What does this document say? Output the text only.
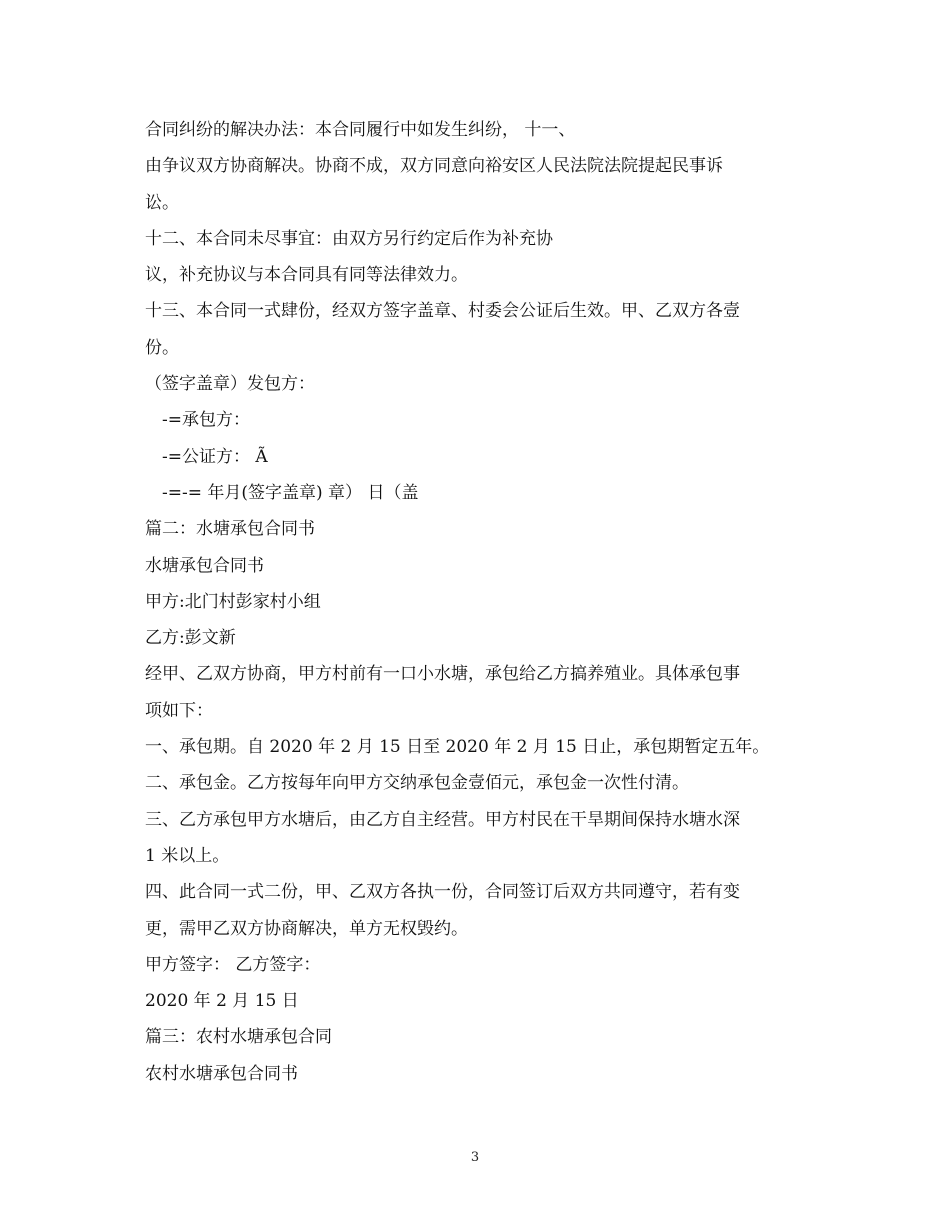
合同纠纷的解决办法：本合同履行中如发生纠纷， 十一、
由争议双方协商解决。协商不成，双方同意向裕安区人民法院法院提起民事诉
讼。
十二、本合同未尽事宜：由双方另行约定后作为补充协
议，补充协议与本合同具有同等法律效力。
十三、本合同一式肆份，经双方签字盖章、村委会公证后生效。甲、乙双方各壹
份。
（签字盖章）发包方：
-=承包方：
-=公证方： Ã
-=-= 年月(签字盖章) 章） 日（盖
篇二：水塘承包合同书
水塘承包合同书
甲方:北门村彭家村小组
乙方:彭文新
经甲、乙双方协商，甲方村前有一口小水塘，承包给乙方搞养殖业。具体承包事
项如下：
一、承包期。自 2020 年 2 月 15 日至 2020 年 2 月 15 日止，承包期暂定五年。
二、承包金。乙方按每年向甲方交纳承包金壹佰元，承包金一次性付清。
三、乙方承包甲方水塘后，由乙方自主经营。甲方村民在干旱期间保持水塘水深
1 米以上。
四、此合同一式二份，甲、乙双方各执一份，合同签订后双方共同遵守，若有变
更，需甲乙双方协商解决，单方无权毁约。
甲方签字： 乙方签字：
2020 年 2 月 15 日
篇三：农村水塘承包合同
农村水塘承包合同书
3
